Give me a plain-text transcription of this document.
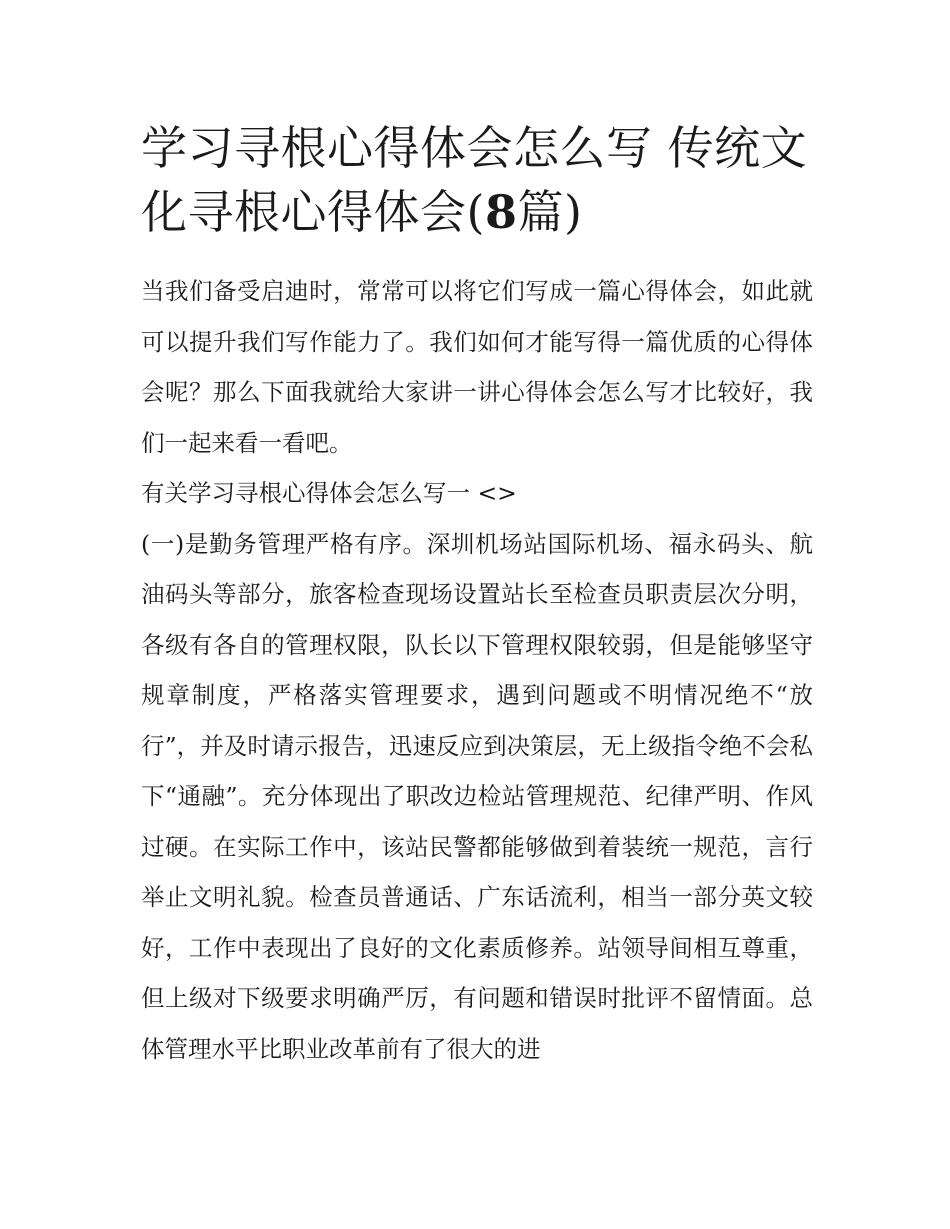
学习寻根心得体会怎么写 传统文化寻根心得体会(8篇)

当我们备受启迪时，常常可以将它们写成一篇心得体会，如此就可以提升我们写作能力了。我们如何才能写得一篇优质的心得体会呢？那么下面我就给大家讲一讲心得体会怎么写才比较好，我们一起来看一看吧。

有关学习寻根心得体会怎么写一 <>

(一)是勤务管理严格有序。深圳机场站国际机场、福永码头、航油码头等部分，旅客检查现场设置站长至检查员职责层次分明，各级有各自的管理权限，队长以下管理权限较弱，但是能够坚守规章制度，严格落实管理要求，遇到问题或不明情况绝不“放行”，并及时请示报告，迅速反应到决策层，无上级指令绝不会私下“通融”。充分体现出了职改边检站管理规范、纪律严明、作风过硬。在实际工作中，该站民警都能够做到着装统一规范，言行举止文明礼貌。检查员普通话、广东话流利，相当一部分英文较好，工作中表现出了良好的文化素质修养。站领导间相互尊重，但上级对下级要求明确严厉，有问题和错误时批评不留情面。总体管理水平比职业改革前有了很大的进
